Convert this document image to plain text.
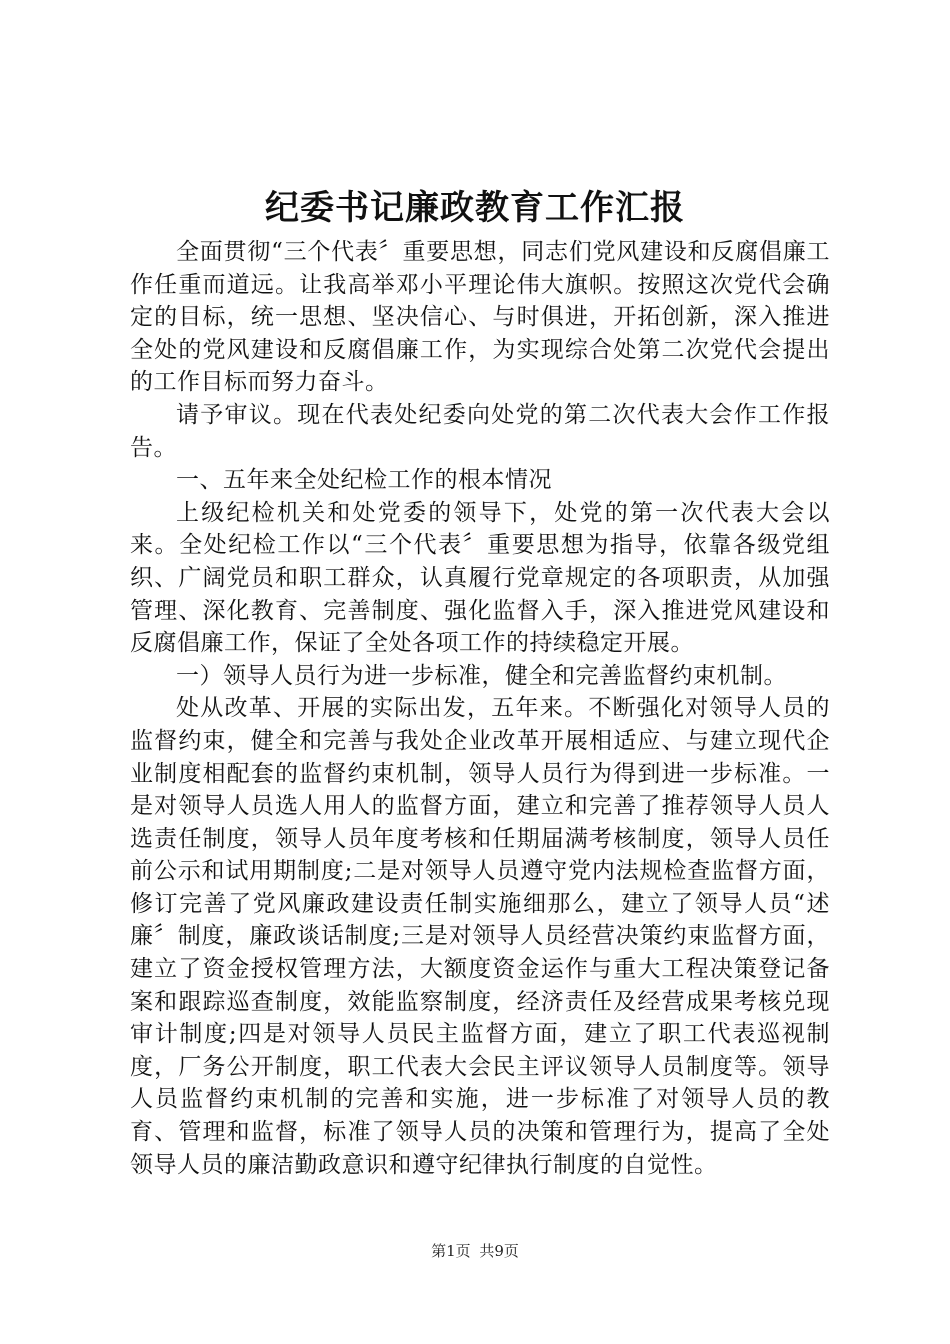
纪委书记廉政教育工作汇报

全面贯彻“三个代表〞重要思想，同志们党风建设和反腐倡廉工作任重而道远。让我高举邓小平理论伟大旗帜。按照这次党代会确定的目标，统一思想、坚决信心、与时俱进，开拓创新，深入推进全处的党风建设和反腐倡廉工作，为实现综合处第二次党代会提出的工作目标而努力奋斗。

请予审议。现在代表处纪委向处党的第二次代表大会作工作报告。

一、五年来全处纪检工作的根本情况

上级纪检机关和处党委的领导下，处党的第一次代表大会以来。全处纪检工作以“三个代表〞重要思想为指导，依靠各级党组织、广阔党员和职工群众，认真履行党章规定的各项职责，从加强管理、深化教育、完善制度、强化监督入手，深入推进党风建设和反腐倡廉工作，保证了全处各项工作的持续稳定开展。

一）领导人员行为进一步标准，健全和完善监督约束机制。

处从改革、开展的实际出发，五年来。不断强化对领导人员的监督约束，健全和完善与我处企业改革开展相适应、与建立现代企业制度相配套的监督约束机制，领导人员行为得到进一步标准。一是对领导人员选人用人的监督方面，建立和完善了推荐领导人员人选责任制度，领导人员年度考核和任期届满考核制度，领导人员任前公示和试用期制度;二是对领导人员遵守党内法规检查监督方面，修订完善了党风廉政建设责任制实施细那么，建立了领导人员“述廉〞制度，廉政谈话制度;三是对领导人员经营决策约束监督方面，建立了资金授权管理方法，大额度资金运作与重大工程决策登记备案和跟踪巡查制度，效能监察制度，经济责任及经营成果考核兑现审计制度;四是对领导人员民主监督方面，建立了职工代表巡视制度，厂务公开制度，职工代表大会民主评议领导人员制度等。领导人员监督约束机制的完善和实施，进一步标准了对领导人员的教育、管理和监督，标准了领导人员的决策和管理行为，提高了全处领导人员的廉洁勤政意识和遵守纪律执行制度的自觉性。

第1页 共9页
